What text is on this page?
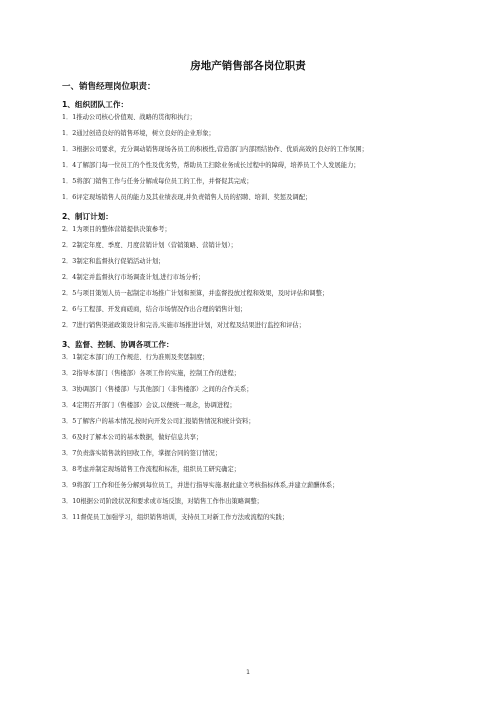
房地产销售部各岗位职责
一、销售经理岗位职责：
1、组织团队工作：
1．1 推动公司核心价值观、战略的贯彻和执行；
1．2 通过创造良好的销售环境，树立良好的企业形象；
1．3 根据公司要求，充分调动销售现场各员工的积极性,营造部门内部团结协作、优质高效的良好的工作氛围；
1．4 了解部门每一位员工的个性及优劣势，帮助员工扫除业务成长过程中的障碍，培养员工个人发展能力；
1．5 将部门销售工作与任务分解成每位员工的工作，并督促其完成；
1．6 评定现场销售人员的能力及其业绩表现,并负责销售人员的招聘、培训、奖惩及调配；
2、制订计划：
2．1 为项目的整体营销提供决策参考；
2．2 制定年度、季度、月度营销计划（营销策略、营销计划）；
2．3 制定和监督执行促销活动计划；
2．4 制定并监督执行市场调查计划,进行市场分析；
2．5 与项目策划人员一起制定市场推广计划和预算，并监督投放过程和效果，及时评估和调整；
2．6 与工程部、开发商磋商，结合市场情况作出合理的销售计划；
2．7 进行销售渠道政策设计和完善,实施市场推进计划，对过程及结果进行监控和评估；
3、监督、控制、协调各项工作：
3．1 制定本部门的工作规范、行为准则及奖惩制度；
3．2 指导本部门（售楼部）各项工作的实施，控制工作的进程；
3．3 协调部门（售楼部）与其他部门（非售楼部）之间的合作关系；
3．4 定期召开部门（售楼部）会议,以便统一观念，协调进程；
3．5 了解客户的基本情况,按时向开发公司汇报销售情况和统计资料；
3．6 及时了解本公司的基本数据，做好信息共享；
3．7 负责落实销售款的回收工作，掌握合同的签订情况；
3．8 考虑并制定现场销售工作流程和标准，组织员工研究确定；
3．9 将部门工作和任务分解到每位员工，并进行指导实施.据此建立考核指标体系,并建立薪酬体系；
3．10 根据公司阶段状况和要求或市场反馈，对销售工作作出策略调整；
3．11 督促员工加强学习，组织销售培训，支持员工对新工作方法或流程的实践；
1
